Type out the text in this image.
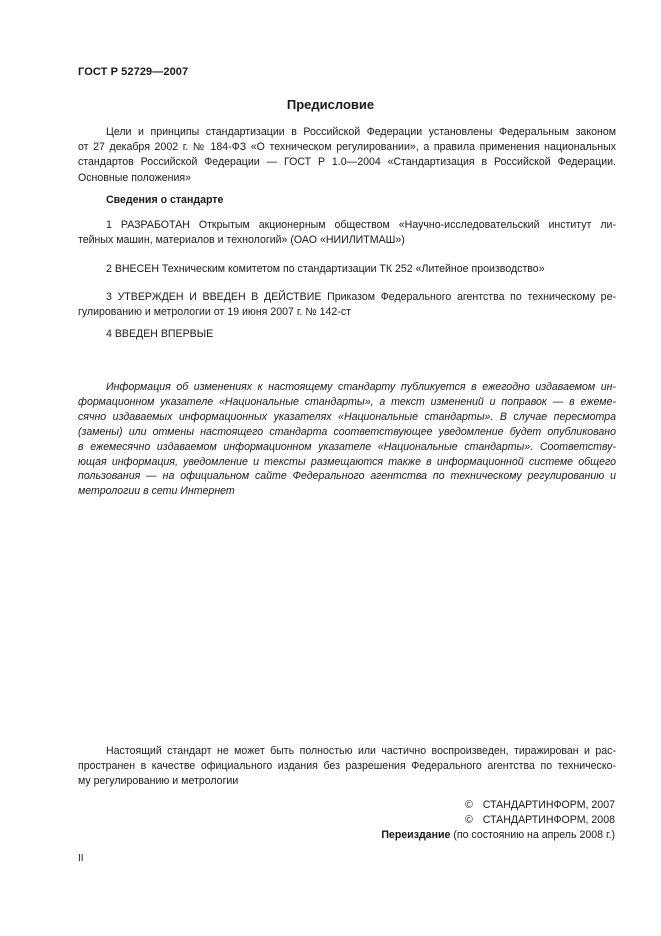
ГОСТ Р 52729—2007
Предисловие
Цели и принципы стандартизации в Российской Федерации установлены Федеральным законом
от 27 декабря 2002 г. № 184-ФЗ «О техническом регулировании», а правила применения национальных
стандартов Российской Федерации — ГОСТ Р 1.0—2004 «Стандартизация в Российской Федерации.
Основные положения»
Сведения о стандарте
1 РАЗРАБОТАН Открытым акционерным обществом «Научно-исследовательский институт ли-
тейных машин, материалов и технологий» (ОАО «НИИЛИТМАШ»)
2 ВНЕСЕН Техническим комитетом по стандартизации ТК 252 «Литейное производство»
3 УТВЕРЖДЕН И ВВЕДЕН В ДЕЙСТВИЕ Приказом Федерального агентства по техническому ре-
гулированию и метрологии от 19 июня 2007 г. № 142-ст
4 ВВЕДЕН ВПЕРВЫЕ
Информация об изменениях к настоящему стандарту публикуется в ежегодно издаваемом ин-
формационном указателе «Национальные стандарты», а текст изменений и поправок — в ежеме-
сячно издаваемых информационных указателях «Национальные стандарты». В случае пересмотра
(замены) или отмены настоящего стандарта соответствующее уведомление будет опубликовано
в ежемесячно издаваемом информационном указателе «Национальные стандарты». Соответству-
ющая информация, уведомление и тексты размещаются также в информационной системе общего
пользования — на официальном сайте Федерального агентства по техническому регулированию и
метрологии в сети Интернет
Настоящий стандарт не может быть полностью или частично воспроизведен, тиражирован и рас-
пространен в качестве официального издания без разрешения Федерального агентства по техническо-
му регулированию и метрологии
© СТАНДАРТИНФОРМ, 2007
© СТАНДАРТИНФОРМ, 2008
Переиздание (по состоянию на апрель 2008 г.)
II
